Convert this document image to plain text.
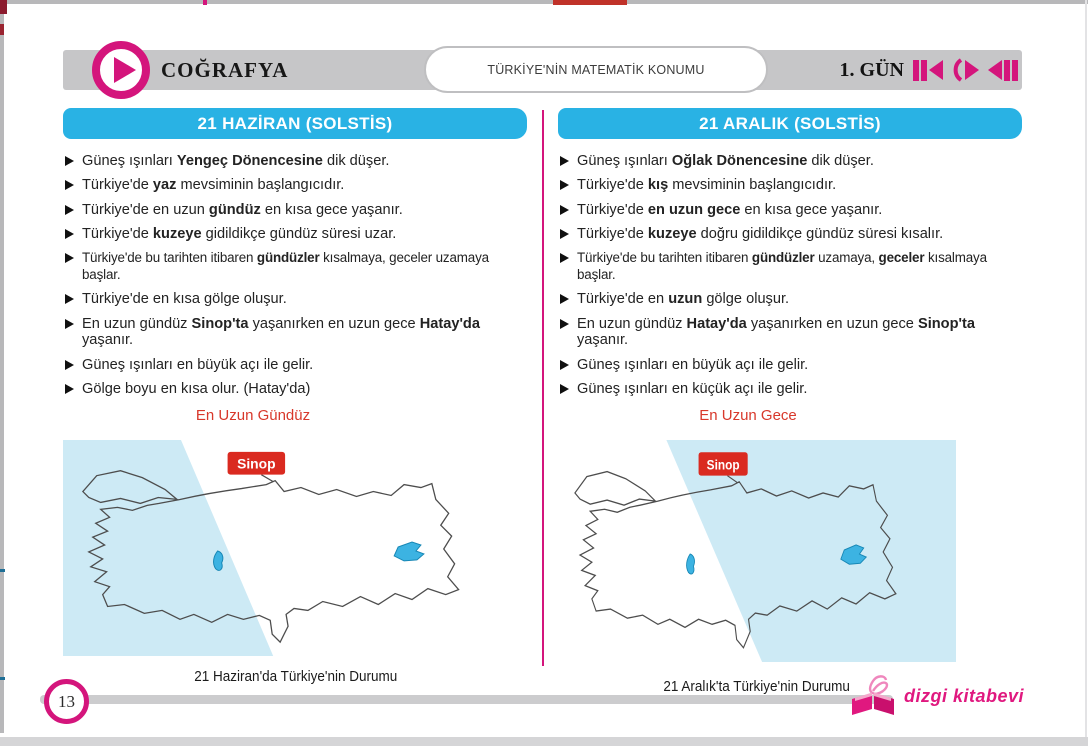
COĞRAFYA	TÜRKİYE'NİN MATEMATİK KONUMU	1. GÜN
21 HAZİRAN (SOLSTİS)
Güneş ışınları Yengeç Dönencesine dik düşer.
Türkiye'de yaz mevsiminin başlangıcıdır.
Türkiye'de en uzun gündüz en kısa gece yaşanır.
Türkiye'de kuzeye gidildikçe gündüz süresi uzar.
Türkiye'de bu tarihten itibaren gündüzler kısalmaya, geceler uzamaya başlar.
Türkiye'de en kısa gölge oluşur.
En uzun gündüz Sinop'ta yaşanırken en uzun gece Hatay'da yaşanır.
Güneş ışınları en büyük açı ile gelir.
Gölge boyu en kısa olur. (Hatay'da)
En Uzun Gündüz
Sinop
21 Haziran'da Türkiye'nin Durumu
21 ARALIK (SOLSTİS)
Güneş ışınları Oğlak Dönencesine dik düşer.
Türkiye'de kış mevsiminin başlangıcıdır.
Türkiye'de en uzun gece en kısa gece yaşanır.
Türkiye'de kuzeye doğru gidildikçe gündüz süresi kısalır.
Türkiye'de bu tarihten itibaren gündüzler uzamaya, geceler kısalmaya başlar.
Türkiye'de en uzun gölge oluşur.
En uzun gündüz Hatay'da yaşanırken en uzun gece Sinop'ta yaşanır.
Güneş ışınları en büyük açı ile gelir.
Güneş ışınları en küçük açı ile gelir.
En Uzun Gece
Sinop
21 Aralık'ta Türkiye'nin Durumu
13	dizgi kitabevi
